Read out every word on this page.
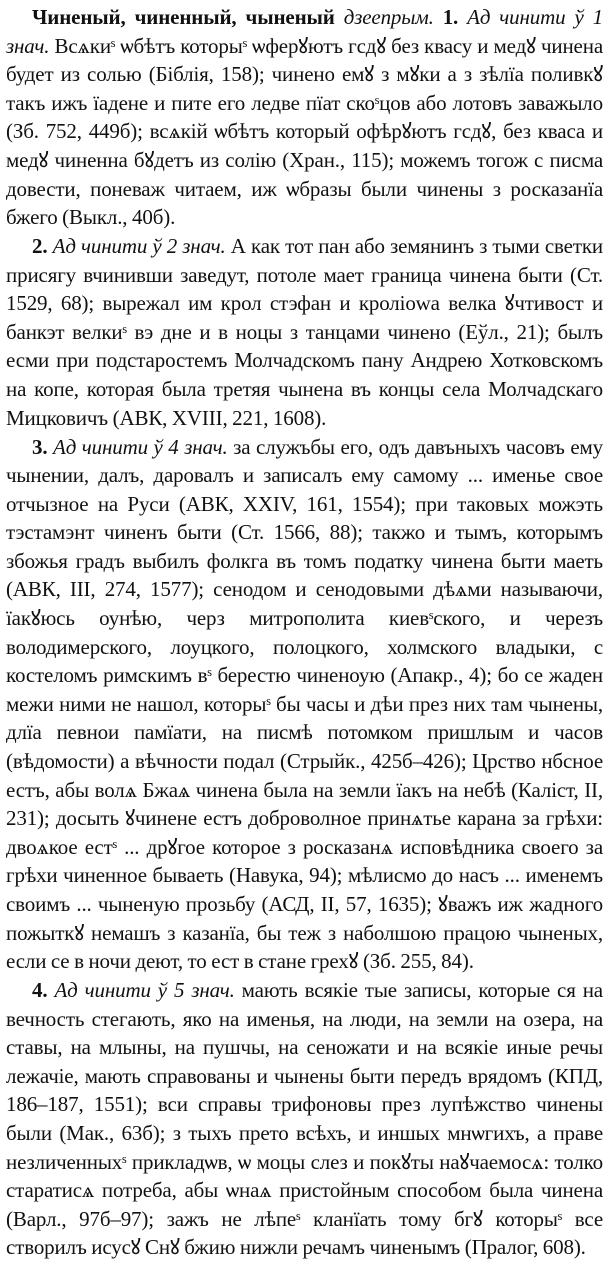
Чиненый, чиненный, чыненый дзеепрым. 1. Ад чинити ў 1 знач. Всѧкиˢ ѡбѣтъ которыˢ ѡферꙋютъ гсдꙋ без квасу и медꙋ чинена будет из солью (Біблія, 158); чинено емꙋ з мꙋки а з зѣлїа поливкꙋ такъ ижъ їадене и пите его ледве пїат скоˢцов або лотовъ заважыло (Зб. 752, 449б); всѧкій ѡбѣтъ который офѣрꙋютъ гсдꙋ, без кваса и медꙋ чиненна бꙋдетъ из солію (Хран., 115); можемъ тогож с писма довести, поневаж читаем, иж ѡбразы были чинены з росказанїа бжего (Выкл., 40б).

2. Ад чинити ў 2 знач. А как тот пан або земянинъ з тыми светки присягу вчинивши заведут, потоле мает граница чинена быти (Ст. 1529, 68); вырежал им крол стэфан и кроліowa велка ꙋчтивост и банкэт велкиˢ вэ дне и в ноцы з танцами чинено (Еўл., 21); былъ есми при подстаростемъ Молчадскомъ пану Андрею Хотковскомъ на копе, которая была третяя чынена въ концы села Молчадскаго Мицковичъ (АВК, XVIII, 221, 1608).

3. Ад чинити ў 4 знач. за служъбы его, одъ давъныхъ часовъ ему чынении, далъ, даровалъ и записалъ ему самому ... именье свое отчызное на Руси (АВК, XXIV, 161, 1554); при таковых можэть тэстамэнт чиненъ быти (Ст. 1566, 88); такжо и тымъ, которымъ збожья градъ выбилъ фолкга въ томъ податку чинена быти маеть (АВК, III, 274, 1577); сенодом и сенодовыми дѣѧми называючи, їакꙋюсь оунѣю, черз митрополита киевˢского, и черезъ володимерского, лоуцкого, полоцкого, холмского владыки, с костеломъ римскимъ вˢ берестю чиненоую (Апакр., 4); бо се жаден межи ними не нашол, которыˢ бы часы и дѣи през них там чынены, длїа певнои памїати, на писмѣ потомком пришлым и часов (вѣдомости) а вѣчности подал (Стрыйк., 425б–426); Црство нбсное естъ, абы волѧ Бжаѧ чинена была на земли їакъ на небѣ (Каліст, II, 231); досыть ꙋчинене естъ доброволное принѧтье карана за грѣхи: двоѧкое естˢ ... дрꙋгое которое з росказанѧ исповѣдника своего за грѣхи чиненное бываеть (Навука, 94); мѣлисмо до насъ ... именемъ своимъ ... чыненую прозьбу (АСД, II, 57, 1635); ꙋважъ иж жадного пожыткꙋ немашъ з казанїа, бы теж з наболшою працою чыненых, если се в ночи деют, то ест в стане грехꙋ (Зб. 255, 84).

4. Ад чинити ў 5 знач. мають всякіе тые записы, которые ся на вечность стегають, яко на именья, на люди, на земли на озера, на ставы, на млыны, на пушчы, на сеножати и на всякіе иные речы лежачіе, мають справованы и чынены быти передъ врядомъ (КПД, 186–187, 1551); вси справы трифоновы през лупѣжство чинены были (Мак., 63б); з тыхъ прето всѣхъ, и иншых мнѡгихъ, а праве незличенныхˢ прикладѡв, ѡ моцы слез и покꙋты наꙋчаемосѧ: толко старатисѧ потреба, абы ѡнаѧ пристойным способом была чинена (Варл., 97б–97); зажъ не лѣпеˢ кланїать тому бгꙋ которыˢ все створилъ исусꙋ Снꙋ бжию нижли речамъ чиненымъ (Пралог, 608).
